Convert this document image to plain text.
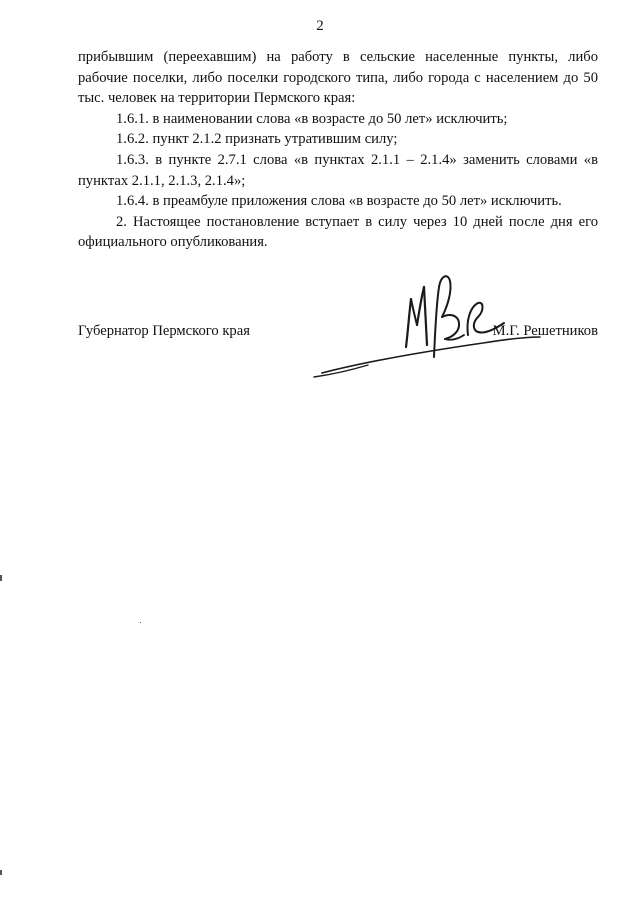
2

прибывшим (переехавшим) на работу в сельские населенные пункты, либо рабочие поселки, либо поселки городского типа, либо города с населением до 50 тыс. человек на территории Пермского края:

1.6.1. в наименовании слова «в возрасте до 50 лет» исключить;

1.6.2. пункт 2.1.2 признать утратившим силу;

1.6.3. в пункте 2.7.1 слова «в пунктах 2.1.1 – 2.1.4» заменить словами «в пунктах 2.1.1, 2.1.3, 2.1.4»;

1.6.4. в преамбуле приложения слова «в возрасте до 50 лет» исключить.

2. Настоящее постановление вступает в силу через 10 дней после дня его официального опубликования.

Губернатор Пермского края	М.Г. Решетников
